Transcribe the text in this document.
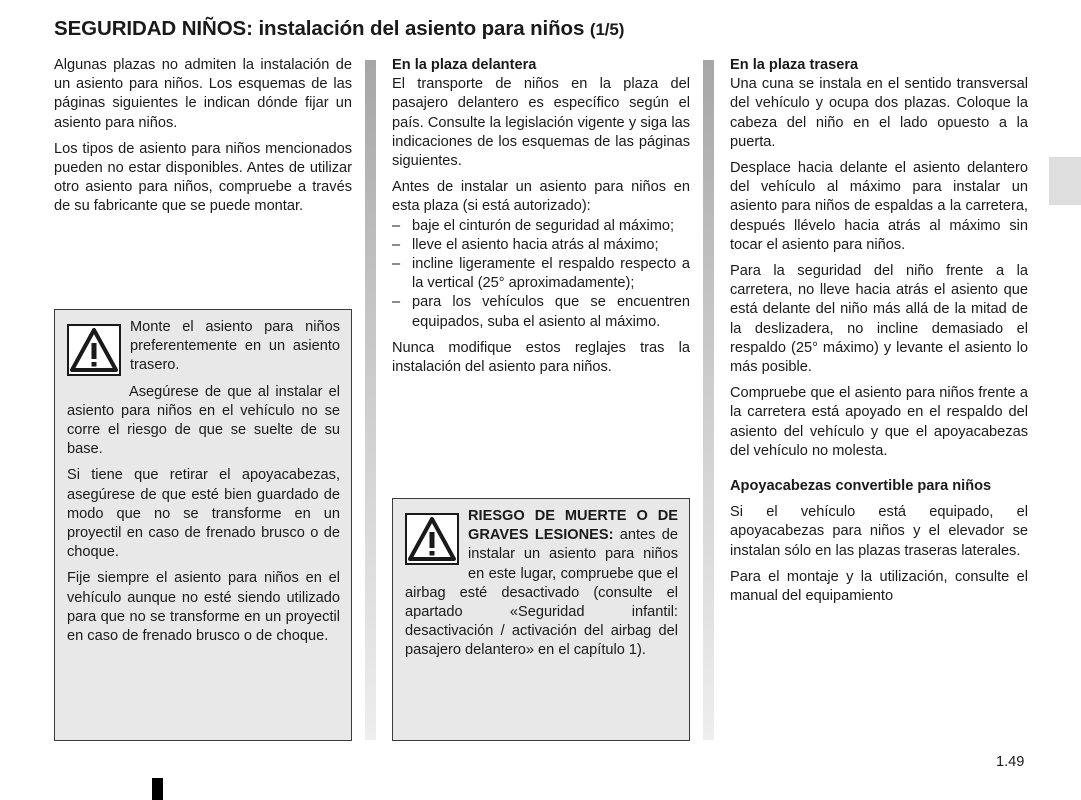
SEGURIDAD NIÑOS: instalación del asiento para niños (1/5)

Algunas plazas no admiten la instalación de un asiento para niños. Los esquemas de las páginas siguientes le indican dónde fijar un asiento para niños.

Los tipos de asiento para niños mencionados pueden no estar disponibles. Antes de utilizar otro asiento para niños, compruebe a través de su fabricante que se puede montar.

Monte el asiento para niños preferentemente en un asiento trasero.

Asegúrese de que al instalar el asiento para niños en el vehículo no se corre el riesgo de que se suelte de su base.

Si tiene que retirar el apoyacabezas, asegúrese de que esté bien guardado de modo que no se transforme en un proyectil en caso de frenado brusco o de choque.

Fije siempre el asiento para niños en el vehículo aunque no esté siendo utilizado para que no se transforme en un proyectil en caso de frenado brusco o de choque.

En la plaza delantera

El transporte de niños en la plaza del pasajero delantero es específico según el país. Consulte la legislación vigente y siga las indicaciones de los esquemas de las páginas siguientes.

Antes de instalar un asiento para niños en esta plaza (si está autorizado):

– baje el cinturón de seguridad al máximo;
– lleve el asiento hacia atrás al máximo;
– incline ligeramente el respaldo respecto a la vertical (25° aproximadamente);
– para los vehículos que se encuentren equipados, suba el asiento al máximo.

Nunca modifique estos reglajes tras la instalación del asiento para niños.

RIESGO DE MUERTE O DE GRAVES LESIONES: antes de instalar un asiento para niños en este lugar, compruebe que el airbag esté desactivado (consulte el apartado «Seguridad infantil: desactivación / activación del airbag del pasajero delantero» en el capítulo 1).

En la plaza trasera

Una cuna se instala en el sentido transversal del vehículo y ocupa dos plazas. Coloque la cabeza del niño en el lado opuesto a la puerta.

Desplace hacia delante el asiento delantero del vehículo al máximo para instalar un asiento para niños de espaldas a la carretera, después llévelo hacia atrás al máximo sin tocar el asiento para niños.

Para la seguridad del niño frente a la carretera, no lleve hacia atrás el asiento que está delante del niño más allá de la mitad de la deslizadera, no incline demasiado el respaldo (25° máximo) y levante el asiento lo más posible.

Compruebe que el asiento para niños frente a la carretera está apoyado en el respaldo del asiento del vehículo y que el apoyacabezas del vehículo no molesta.

Apoyacabezas convertible para niños

Si el vehículo está equipado, el apoyacabezas para niños y el elevador se instalan sólo en las plazas traseras laterales.

Para el montaje y la utilización, consulte el manual del equipamiento

1.49
